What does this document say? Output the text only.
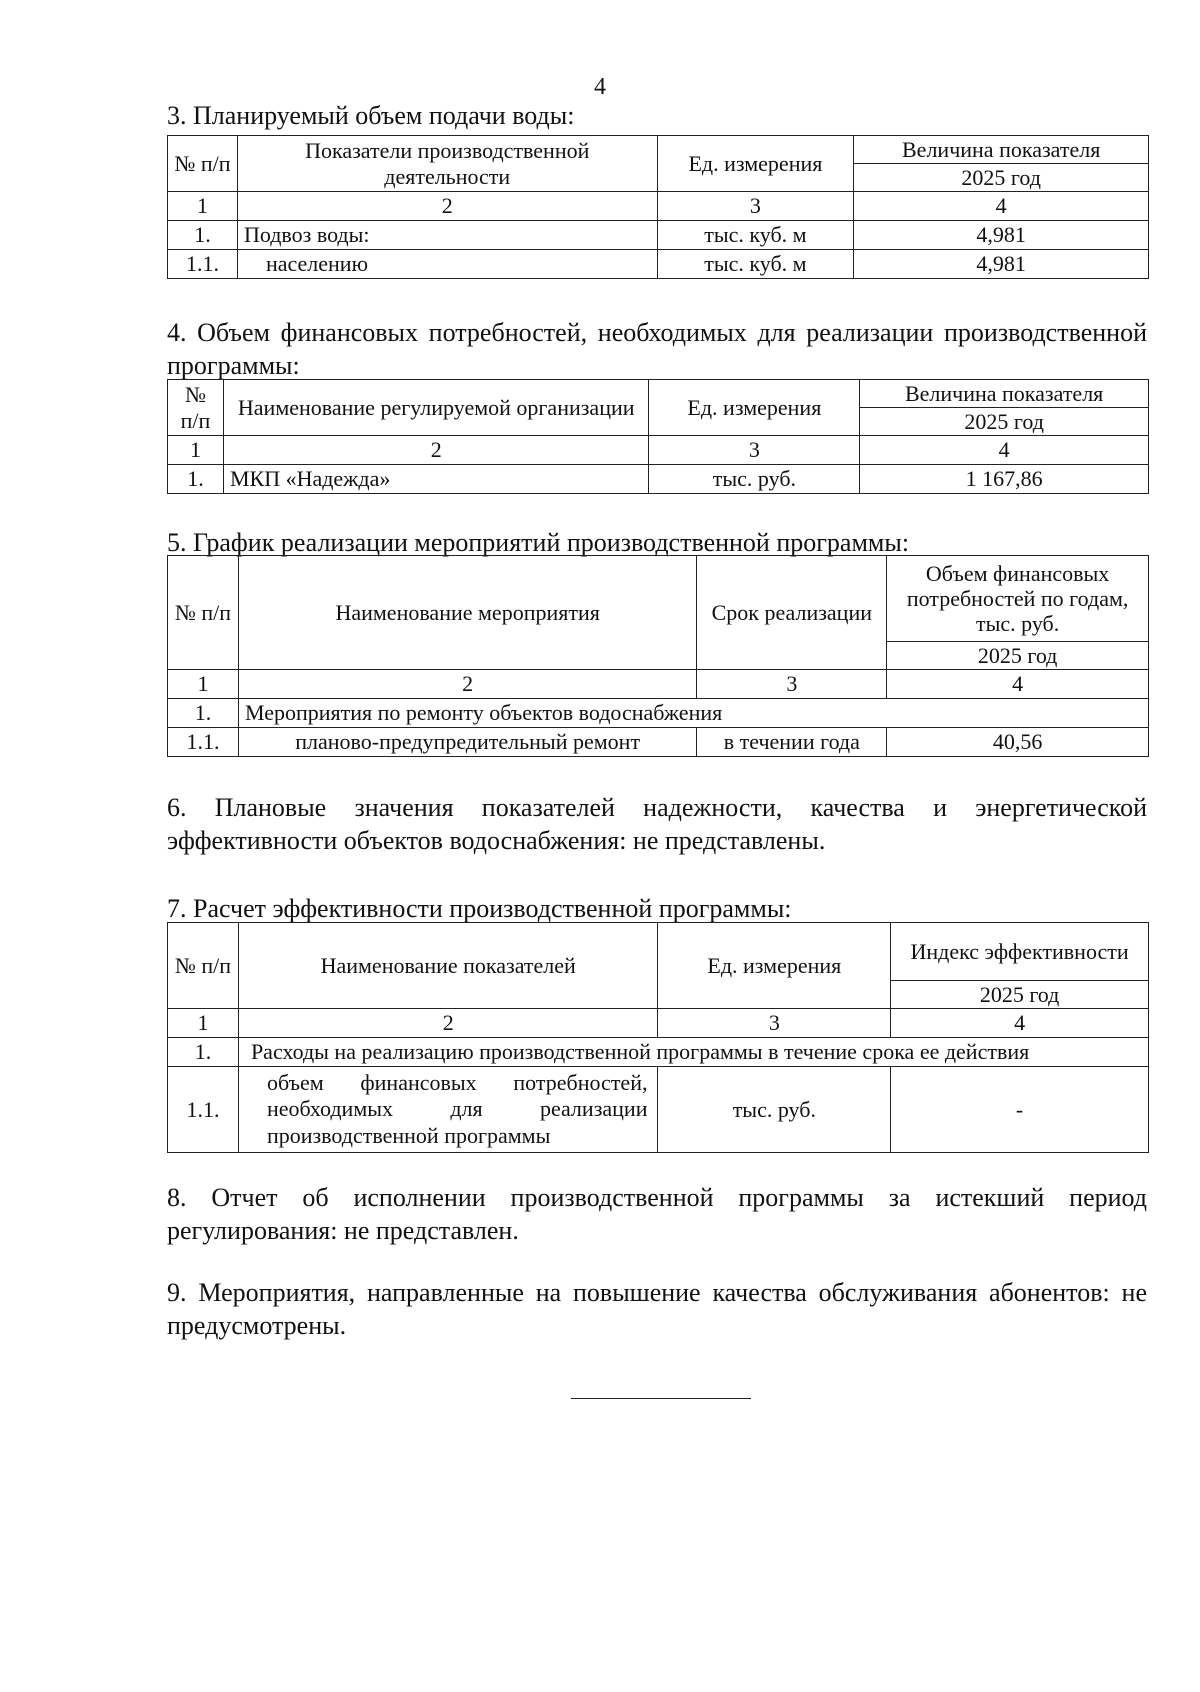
4
3. Планируемый объем подачи воды:
№ п/п	Показатели производственной деятельности	Ед. измерения	Величина показателя
			2025 год
1	2	3	4
1.	Подвоз воды:	тыс. куб. м	4,981
1.1.	населению	тыс. куб. м	4,981
4. Объем финансовых потребностей, необходимых для реализации производственной программы:
№ п/п	Наименование регулируемой организации	Ед. измерения	Величина показателя
			2025 год
1	2	3	4
1.	МКП «Надежда»	тыс. руб.	1 167,86
5. График реализации мероприятий производственной программы:
№ п/п	Наименование мероприятия	Срок реализации	Объем финансовых потребностей по годам, тыс. руб.
			2025 год
1	2	3	4
1.	Мероприятия по ремонту объектов водоснабжения		
1.1.	планово-предупредительный ремонт	в течении года	40,56
6. Плановые значения показателей надежности, качества и энергетической эффективности объектов водоснабжения: не представлены.
7. Расчет эффективности производственной программы:
№ п/п	Наименование показателей	Ед. измерения	Индекс эффективности
			2025 год
1	2	3	4
1.	Расходы на реализацию производственной программы в течение срока ее действия		
1.1.	объем финансовых потребностей, необходимых для реализации производственной программы	тыс. руб.	-
8. Отчет об исполнении производственной программы за истекший период регулирования: не представлен.
9. Мероприятия, направленные на повышение качества обслуживания абонентов: не предусмотрены.
